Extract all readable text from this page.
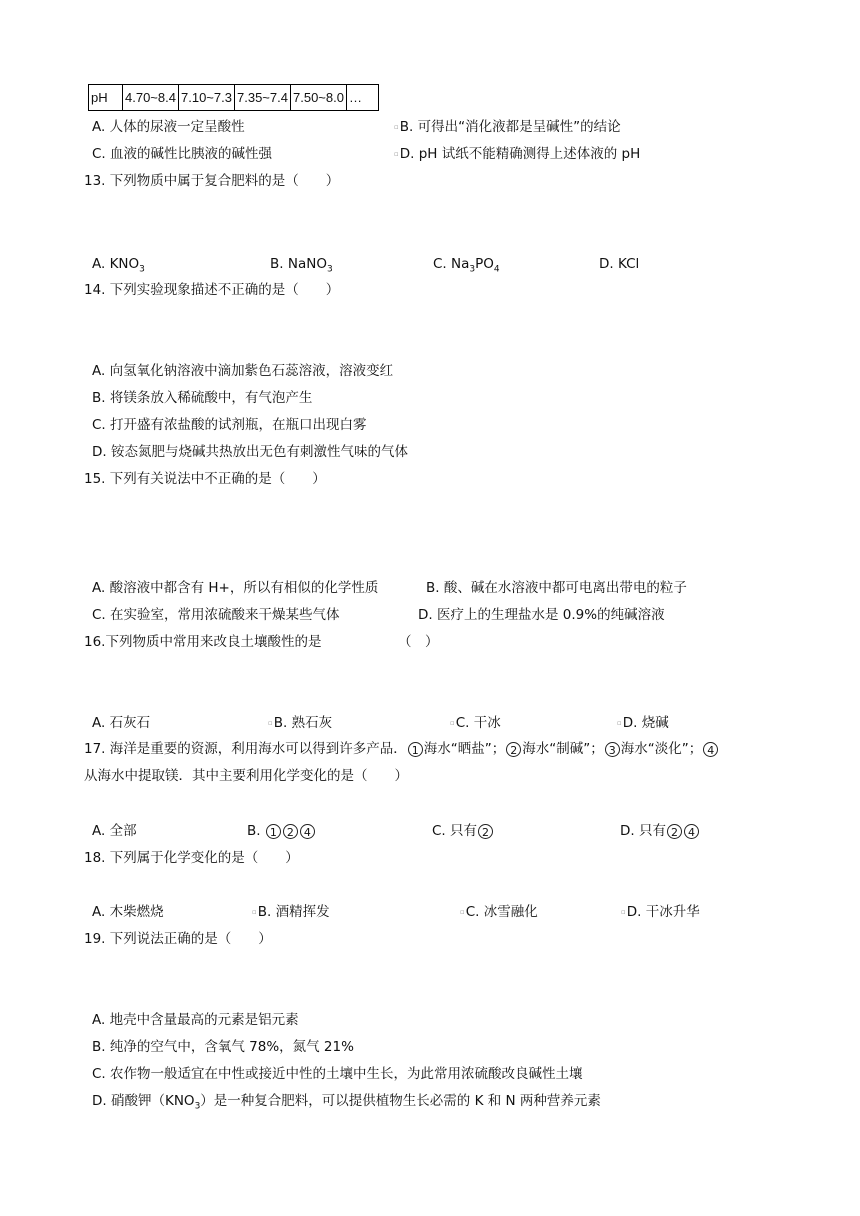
pH	4.70~8.4	7.10~7.3	7.35~7.4	7.50~8.0	…
A. 人体的尿液一定呈酸性	▫B. 可得出“消化液都是呈碱性”的结论
C. 血液的碱性比胰液的碱性强	▫D. pH 试纸不能精确测得上述体液的 pH
13. 下列物质中属于复合肥料的是（　　）
A. $KNO_3$	B. NaNO$_3$	C. $Na_3PO_4$	D. KCl
14. 下列实验现象描述不正确的是（　　）
A. 向氢氧化钠溶液中滴加紫色石蕊溶液，溶液变红
B. 将镁条放入稀硫酸中，有气泡产生
C. 打开盛有浓盐酸的试剂瓶，在瓶口出现白雾
D. 铵态氮肥与烧碱共热放出无色有刺激性气味的气体
15. 下列有关说法中不正确的是（　　）
A. 酸溶液中都含有 H+，所以有相似的化学性质	B. 酸、碱在水溶液中都可电离出带电的粒子
C. 在实验室，常用浓硫酸来干燥某些气体	D. 医疗上的生理盐水是 0.9%的纯碱溶液
16.下列物质中常用来改良土壤酸性的是	（　）
A. 石灰石	▫B. 熟石灰	▫C. 干冰	▫D. 烧碱
17. 海洋是重要的资源，利用海水可以得到许多产品． 1 海水“晒盐”； 2 海水“制碱”； 3 海水“淡化”； 4
从海水中提取镁．其中主要利用化学变化的是（　　）
A. 全部	B. 1 2 4	C. 只有 2	D. 只有 2 4
18. 下列属于化学变化的是（　　）
A. 木柴燃烧	▫B. 酒精挥发	▫C. 冰雪融化	▫D. 干冰升华
19. 下列说法正确的是（　　）
A. 地壳中含量最高的元素是铝元素
B. 纯净的空气中，含氧气 78%，氮气 21%
C. 农作物一般适宜在中性或接近中性的土壤中生长，为此常用浓硫酸改良碱性土壤
D. 硝酸钾$(KNO_3)$是一种复合肥料，可以提供植物生长必需的 K 和 N 两种营养元素
